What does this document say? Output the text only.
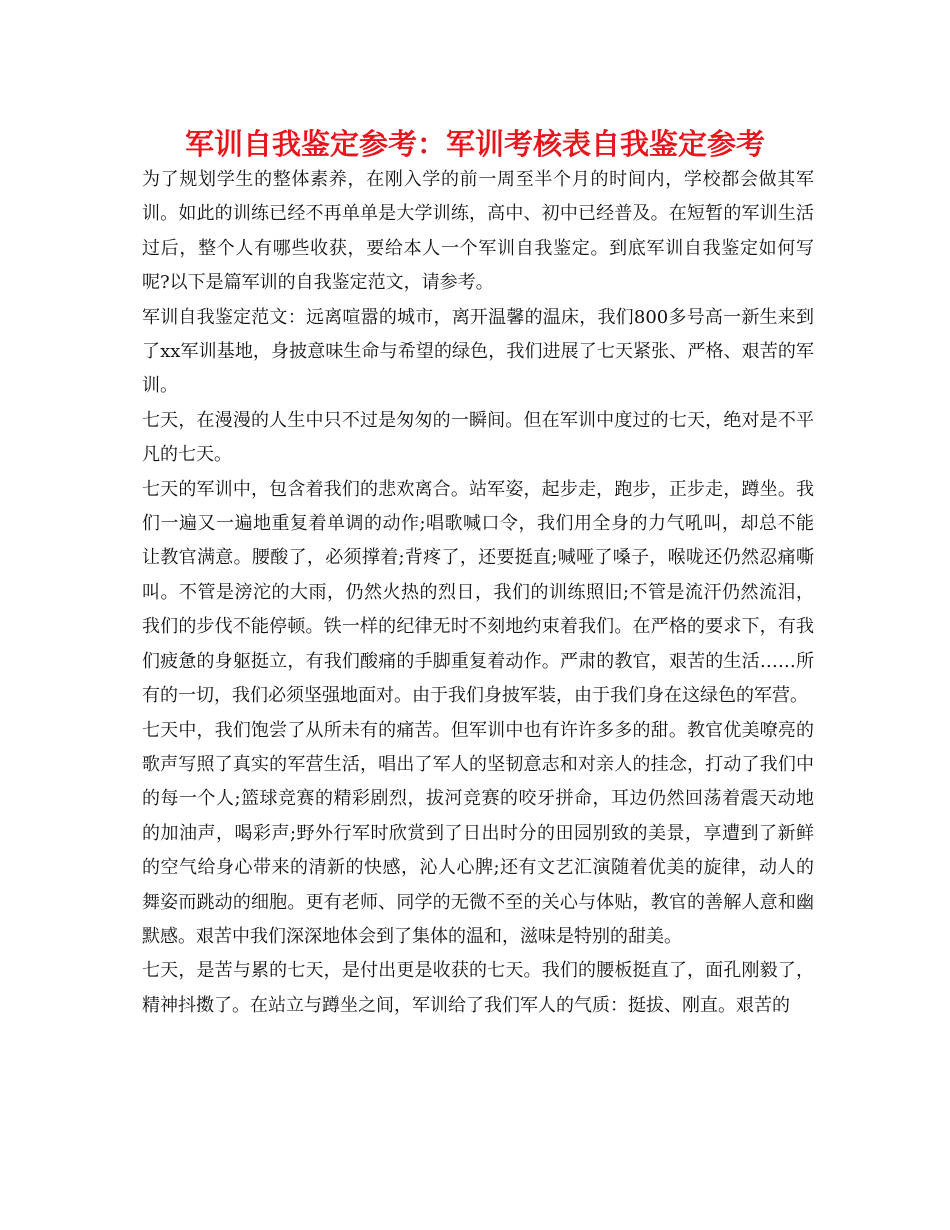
军训自我鉴定参考：军训考核表自我鉴定参考

为了规划学生的整体素养，在刚入学的前一周至半个月的时间内，学校都会做其军训。如此的训练已经不再单单是大学训练，高中、初中已经普及。在短暂的军训生活过后，整个人有哪些收获，要给本人一个军训自我鉴定。到底军训自我鉴定如何写呢?以下是篇军训的自我鉴定范文，请参考。

军训自我鉴定范文：远离喧嚣的城市，离开温馨的温床，我们800多号高一新生来到了xx军训基地，身披意味生命与希望的绿色，我们进展了七天紧张、严格、艰苦的军训。

七天，在漫漫的人生中只不过是匆匆的一瞬间。但在军训中度过的七天，绝对是不平凡的七天。

七天的军训中，包含着我们的悲欢离合。站军姿，起步走，跑步，正步走，蹲坐。我们一遍又一遍地重复着单调的动作;唱歌喊口令，我们用全身的力气吼叫，却总不能让教官满意。腰酸了，必须撑着;背疼了，还要挺直;喊哑了嗓子，喉咙还仍然忍痛嘶叫。不管是滂沱的大雨，仍然火热的烈日，我们的训练照旧;不管是流汗仍然流泪，我们的步伐不能停顿。铁一样的纪律无时不刻地约束着我们。在严格的要求下，有我们疲惫的身躯挺立，有我们酸痛的手脚重复着动作。严肃的教官，艰苦的生活……所有的一切，我们必须坚强地面对。由于我们身披军装，由于我们身在这绿色的军营。

七天中，我们饱尝了从所未有的痛苦。但军训中也有许许多多的甜。教官优美嘹亮的歌声写照了真实的军营生活，唱出了军人的坚韧意志和对亲人的挂念，打动了我们中的每一个人;篮球竞赛的精彩剧烈，拔河竞赛的咬牙拼命，耳边仍然回荡着震天动地的加油声，喝彩声;野外行军时欣赏到了日出时分的田园别致的美景，享遭到了新鲜的空气给身心带来的清新的快感，沁人心脾;还有文艺汇演随着优美的旋律，动人的舞姿而跳动的细胞。更有老师、同学的无微不至的关心与体贴，教官的善解人意和幽默感。艰苦中我们深深地体会到了集体的温和，滋味是特别的甜美。

七天，是苦与累的七天，是付出更是收获的七天。我们的腰板挺直了，面孔刚毅了，精神抖擞了。在站立与蹲坐之间，军训给了我们军人的气质：挺拔、刚直。艰苦的
